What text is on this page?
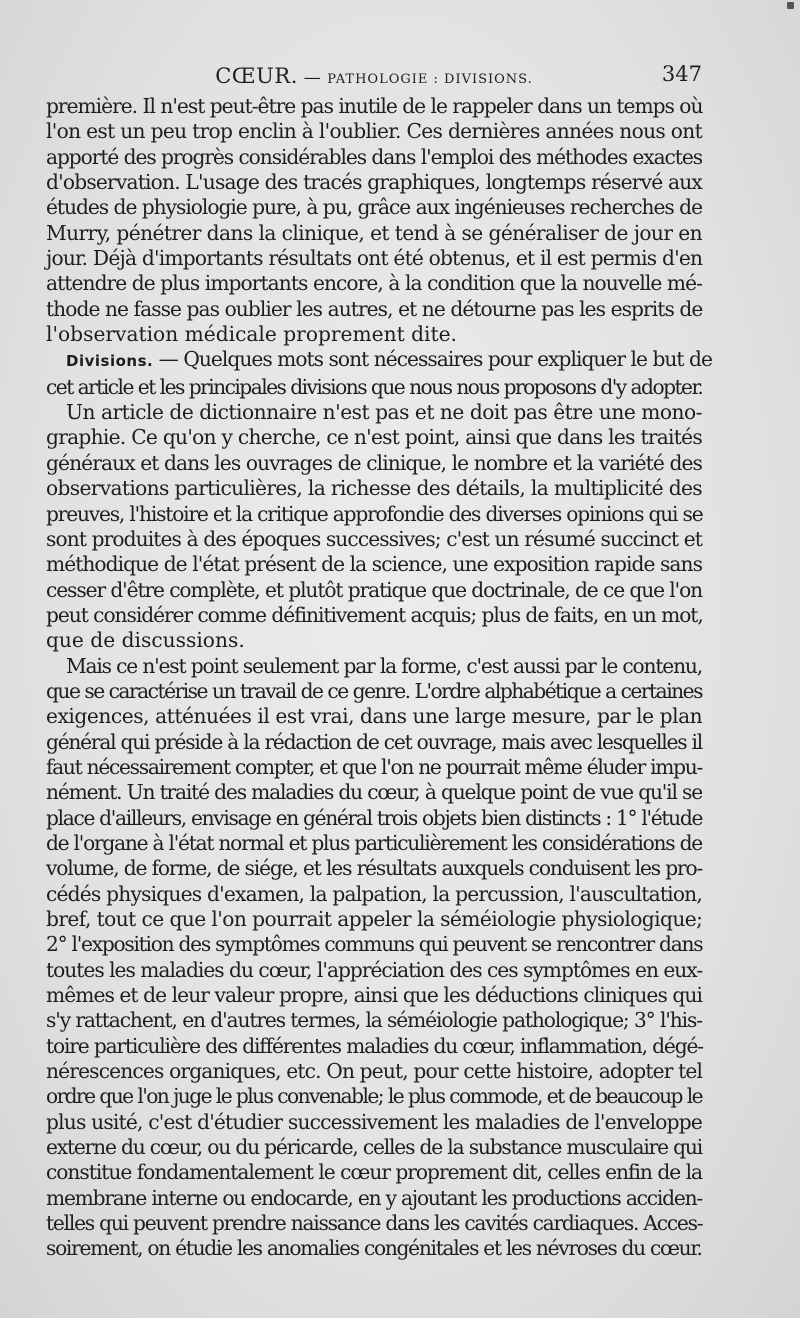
CŒUR. — PATHOLOGIE : DIVISIONS.	347
première. Il n'est peut-être pas inutile de le rappeler dans un temps où
l'on est un peu trop enclin à l'oublier. Ces dernières années nous ont
apporté des progrès considérables dans l'emploi des méthodes exactes
d'observation. L'usage des tracés graphiques, longtemps réservé aux
études de physiologie pure, à pu, grâce aux ingénieuses recherches de
Murry, pénétrer dans la clinique, et tend à se généraliser de jour en
jour. Déjà d'importants résultats ont été obtenus, et il est permis d'en
attendre de plus importants encore, à la condition que la nouvelle mé-
thode ne fasse pas oublier les autres, et ne détourne pas les esprits de
l'observation médicale proprement dite.
Divisions. — Quelques mots sont nécessaires pour expliquer le but de
cet article et les principales divisions que nous nous proposons d'y adopter.
Un article de dictionnaire n'est pas et ne doit pas être une mono-
graphie. Ce qu'on y cherche, ce n'est point, ainsi que dans les traités
généraux et dans les ouvrages de clinique, le nombre et la variété des
observations particulières, la richesse des détails, la multiplicité des
preuves, l'histoire et la critique approfondie des diverses opinions qui se
sont produites à des époques successives; c'est un résumé succinct et
méthodique de l'état présent de la science, une exposition rapide sans
cesser d'être complète, et plutôt pratique que doctrinale, de ce que l'on
peut considérer comme définitivement acquis; plus de faits, en un mot,
que de discussions.
Mais ce n'est point seulement par la forme, c'est aussi par le contenu,
que se caractérise un travail de ce genre. L'ordre alphabétique a certaines
exigences, atténuées il est vrai, dans une large mesure, par le plan
général qui préside à la rédaction de cet ouvrage, mais avec lesquelles il
faut nécessairement compter, et que l'on ne pourrait même éluder impu-
nément. Un traité des maladies du cœur, à quelque point de vue qu'il se
place d'ailleurs, envisage en général trois objets bien distincts : 1° l'étude
de l'organe à l'état normal et plus particulièrement les considérations de
volume, de forme, de siége, et les résultats auxquels conduisent les pro-
cédés physiques d'examen, la palpation, la percussion, l'auscultation,
bref, tout ce que l'on pourrait appeler la séméiologie physiologique;
2° l'exposition des symptômes communs qui peuvent se rencontrer dans
toutes les maladies du cœur, l'appréciation des ces symptômes en eux-
mêmes et de leur valeur propre, ainsi que les déductions cliniques qui
s'y rattachent, en d'autres termes, la séméiologie pathologique; 3° l'his-
toire particulière des différentes maladies du cœur, inflammation, dégé-
nérescences organiques, etc. On peut, pour cette histoire, adopter tel
ordre que l'on juge le plus convenable; le plus commode, et de beaucoup le
plus usité, c'est d'étudier successivement les maladies de l'enveloppe
externe du cœur, ou du péricarde, celles de la substance musculaire qui
constitue fondamentalement le cœur proprement dit, celles enfin de la
membrane interne ou endocarde, en y ajoutant les productions acciden-
telles qui peuvent prendre naissance dans les cavités cardiaques. Acces-
soirement, on étudie les anomalies congénitales et les névroses du cœur.
